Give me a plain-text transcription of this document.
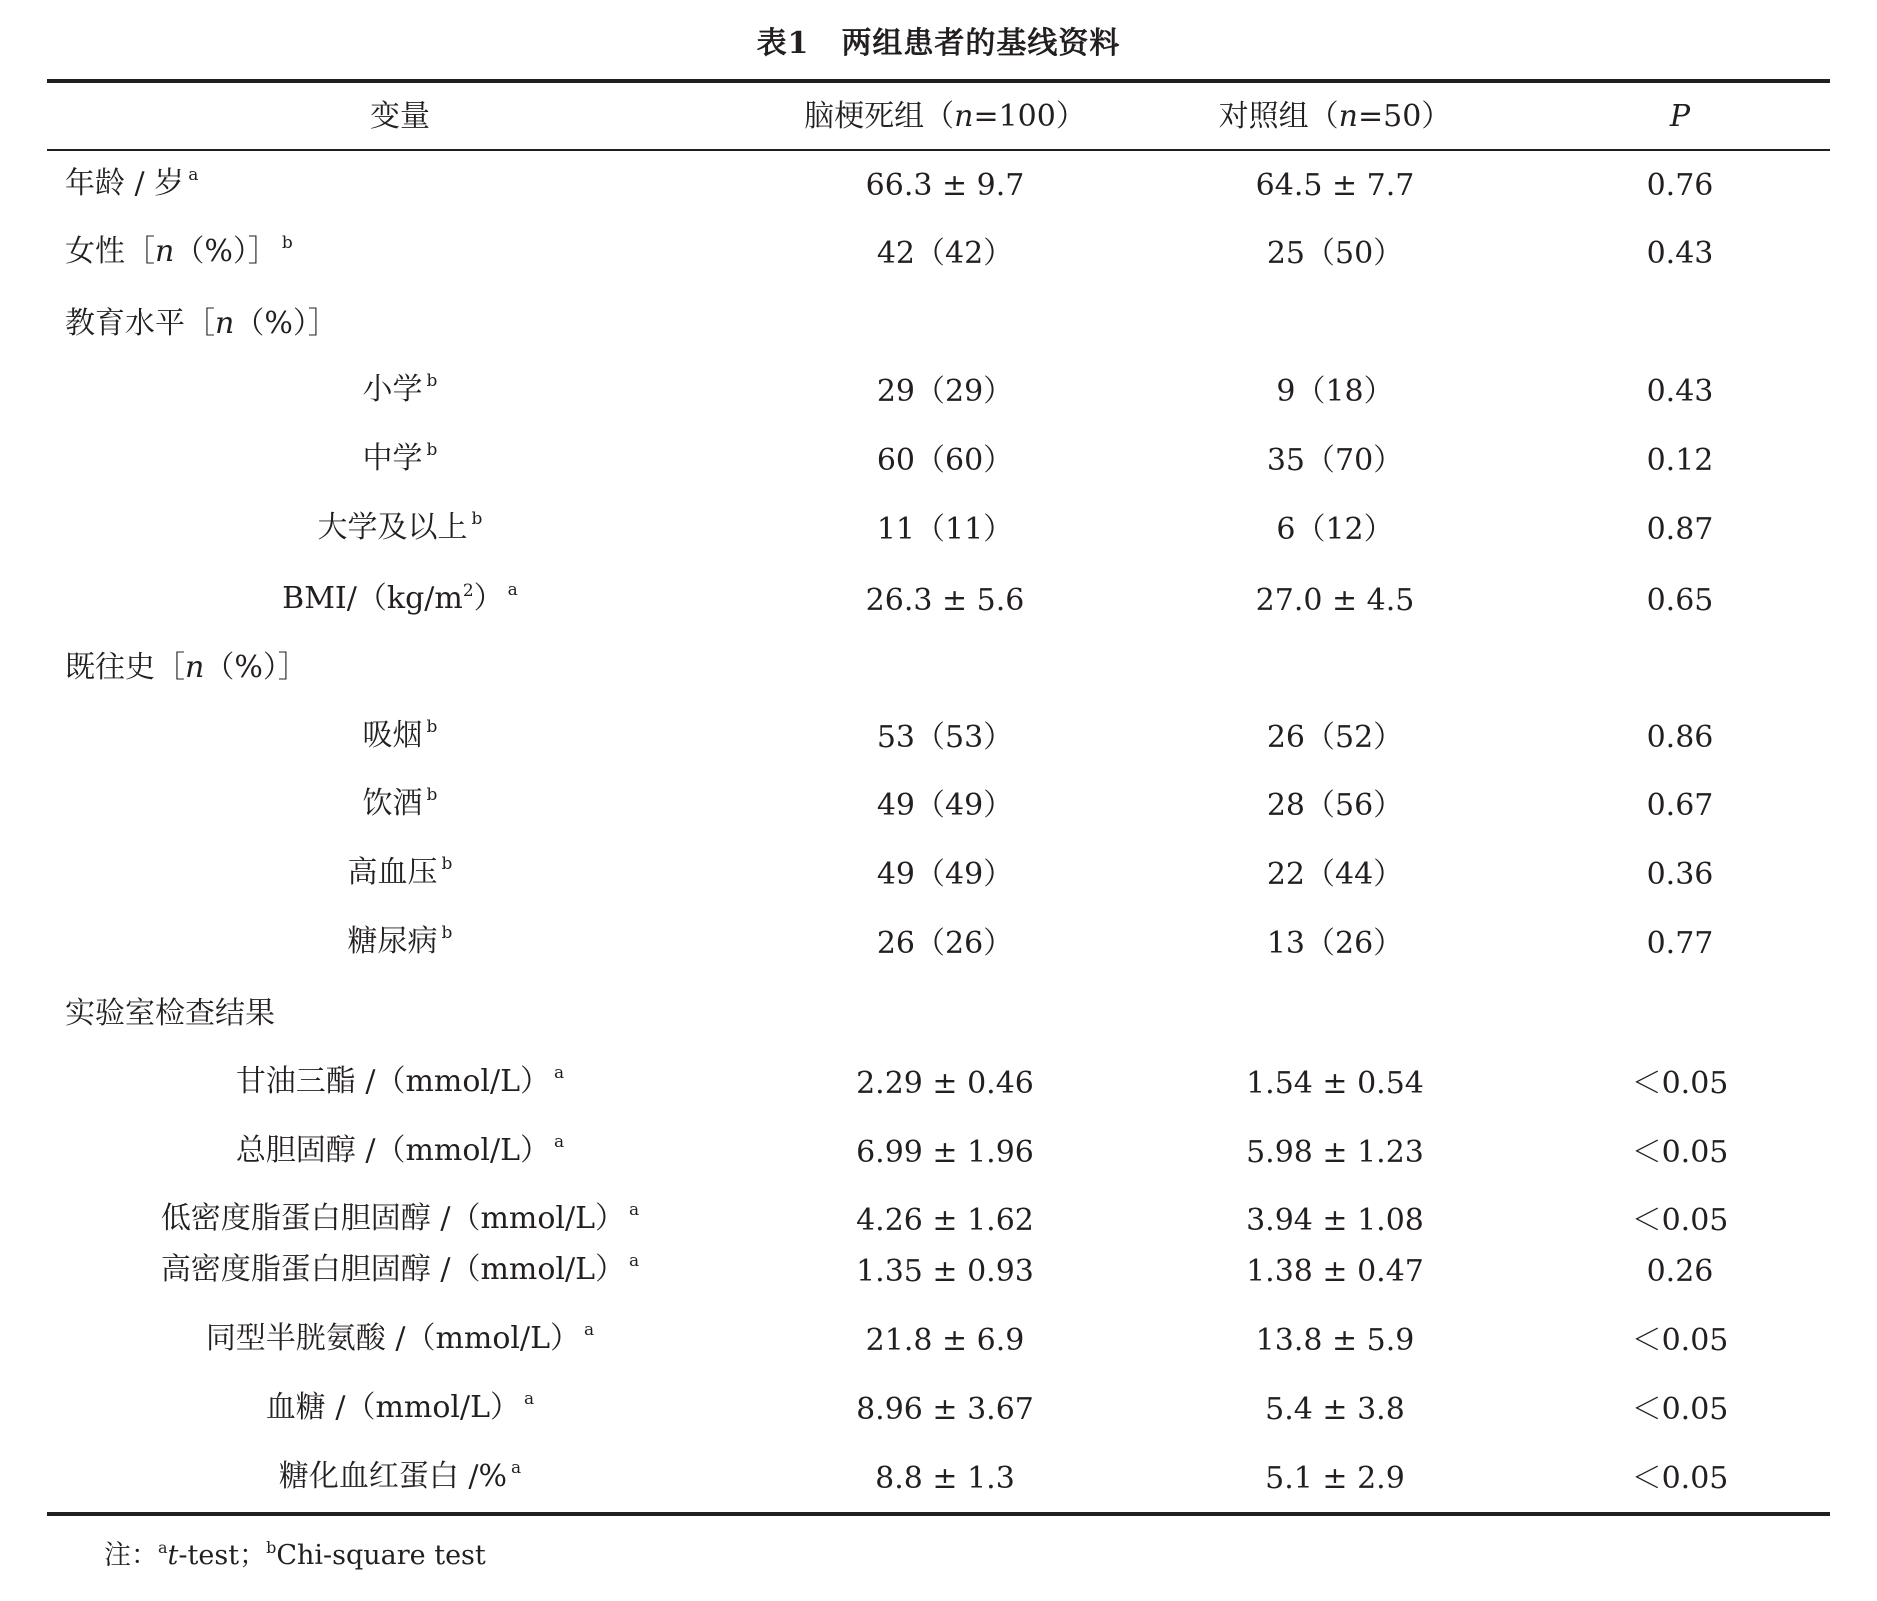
表1 两组患者的基线资料
变量	脑梗死组（n=100）	对照组（n=50）	P
年龄 / 岁 $^a$	66.3 ± 9.7	64.5 ± 7.7	0.76
女性［n（%）］ $^b$	42（42）	25（50）	0.43
教育水平［n（%）］
小学 $^b$	29（29）	9（18）	0.43
中学 $^b$	60（60）	35（70）	0.12
大学及以上 $^b$	11（11）	6（12）	0.87
BMI/$(kg/m^2)$ $^a$	26.3 ± 5.6	27.0 ± 4.5	0.65
既往史［n（%）］
吸烟 $^b$	53（53）	26（52）	0.86
饮酒 $^b$	49（49）	28（56）	0.67
高血压 $^b$	49（49）	22（44）	0.36
糖尿病 $^b$	26（26）	13（26）	0.77
实验室检查结果
甘油三酯 /（mmol/L） $^a$	2.29 ± 0.46	1.54 ± 0.54	＜0.05
总胆固醇 /（mmol/L） $^a$	6.99 ± 1.96	5.98 ± 1.23	＜0.05
低密度脂蛋白胆固醇 /（mmol/L） $^a$	4.26 ± 1.62	3.94 ± 1.08	＜0.05
高密度脂蛋白胆固醇 /（mmol/L） $^a$	1.35 ± 0.93	1.38 ± 0.47	0.26
同型半胱氨酸 /（mmol/L） $^a$	21.8 ± 6.9	13.8 ± 5.9	＜0.05
血糖 /（mmol/L） $^a$	8.96 ± 3.67	5.4 ± 3.8	＜0.05
糖化血红蛋白 /% $^a$	8.8 ± 1.3	5.1 ± 2.9	＜0.05
注：$^a$t-test；$^b$Chi-square test
